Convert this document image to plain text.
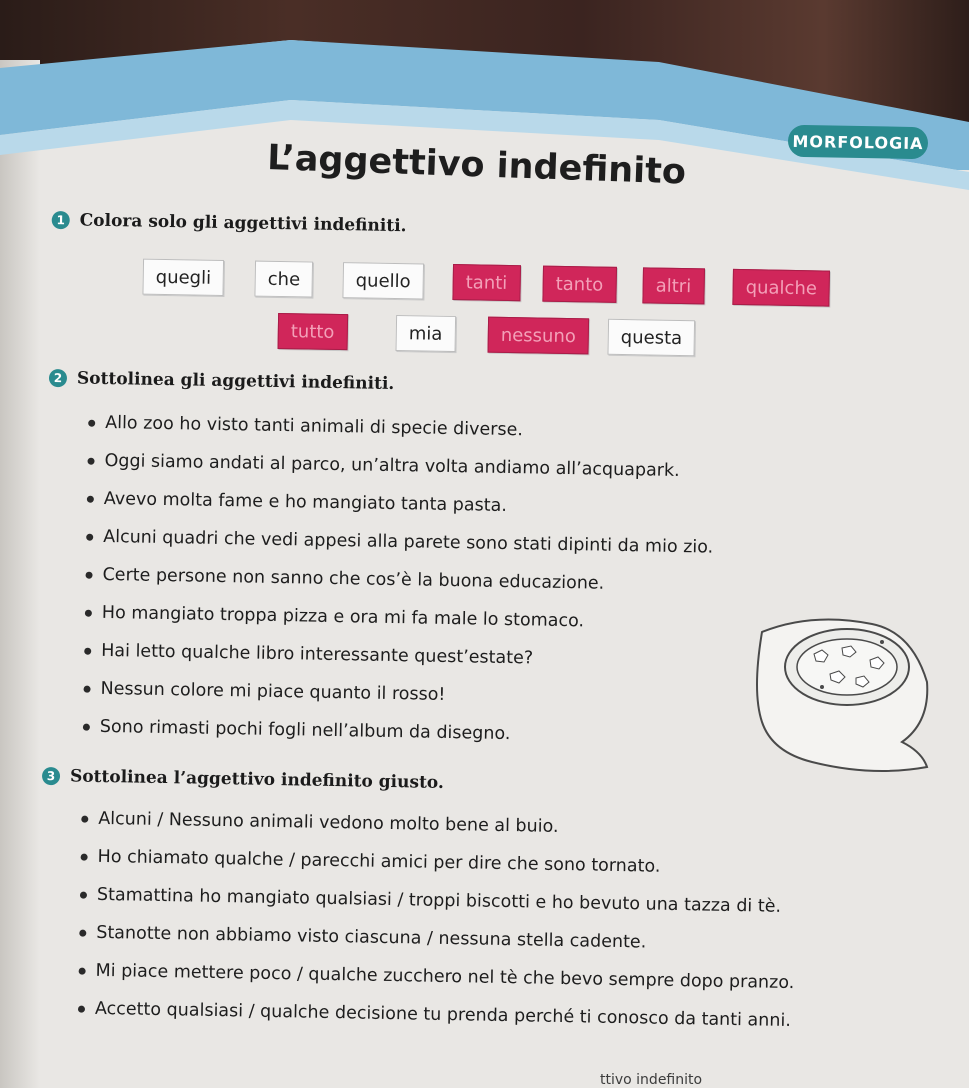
MORFOLOGIA
L’aggettivo indefinito
1 Colora solo gli aggettivi indefiniti.
quegli	che	quello	tanti	tanto	altri	qualche
tutto	mia	nessuno	questa
2 Sottolinea gli aggettivi indefiniti.
Allo zoo ho visto tanti animali di specie diverse.
Oggi siamo andati al parco, un’altra volta andiamo all’acquapark.
Avevo molta fame e ho mangiato tanta pasta.
Alcuni quadri che vedi appesi alla parete sono stati dipinti da mio zio.
Certe persone non sanno che cos’è la buona educazione.
Ho mangiato troppa pizza e ora mi fa male lo stomaco.
Hai letto qualche libro interessante quest’estate?
Nessun colore mi piace quanto il rosso!
Sono rimasti pochi fogli nell’album da disegno.
3 Sottolinea l’aggettivo indefinito giusto.
Alcuni / Nessuno animali vedono molto bene al buio.
Ho chiamato qualche / parecchi amici per dire che sono tornato.
Stamattina ho mangiato qualsiasi / troppi biscotti e ho bevuto una tazza di tè.
Stanotte non abbiamo visto ciascuna / nessuna stella cadente.
Mi piace mettere poco / qualche zucchero nel tè che bevo sempre dopo pranzo.
Accetto qualsiasi / qualche decisione tu prenda perché ti conosco da tanti anni.
ttivo indefinito
